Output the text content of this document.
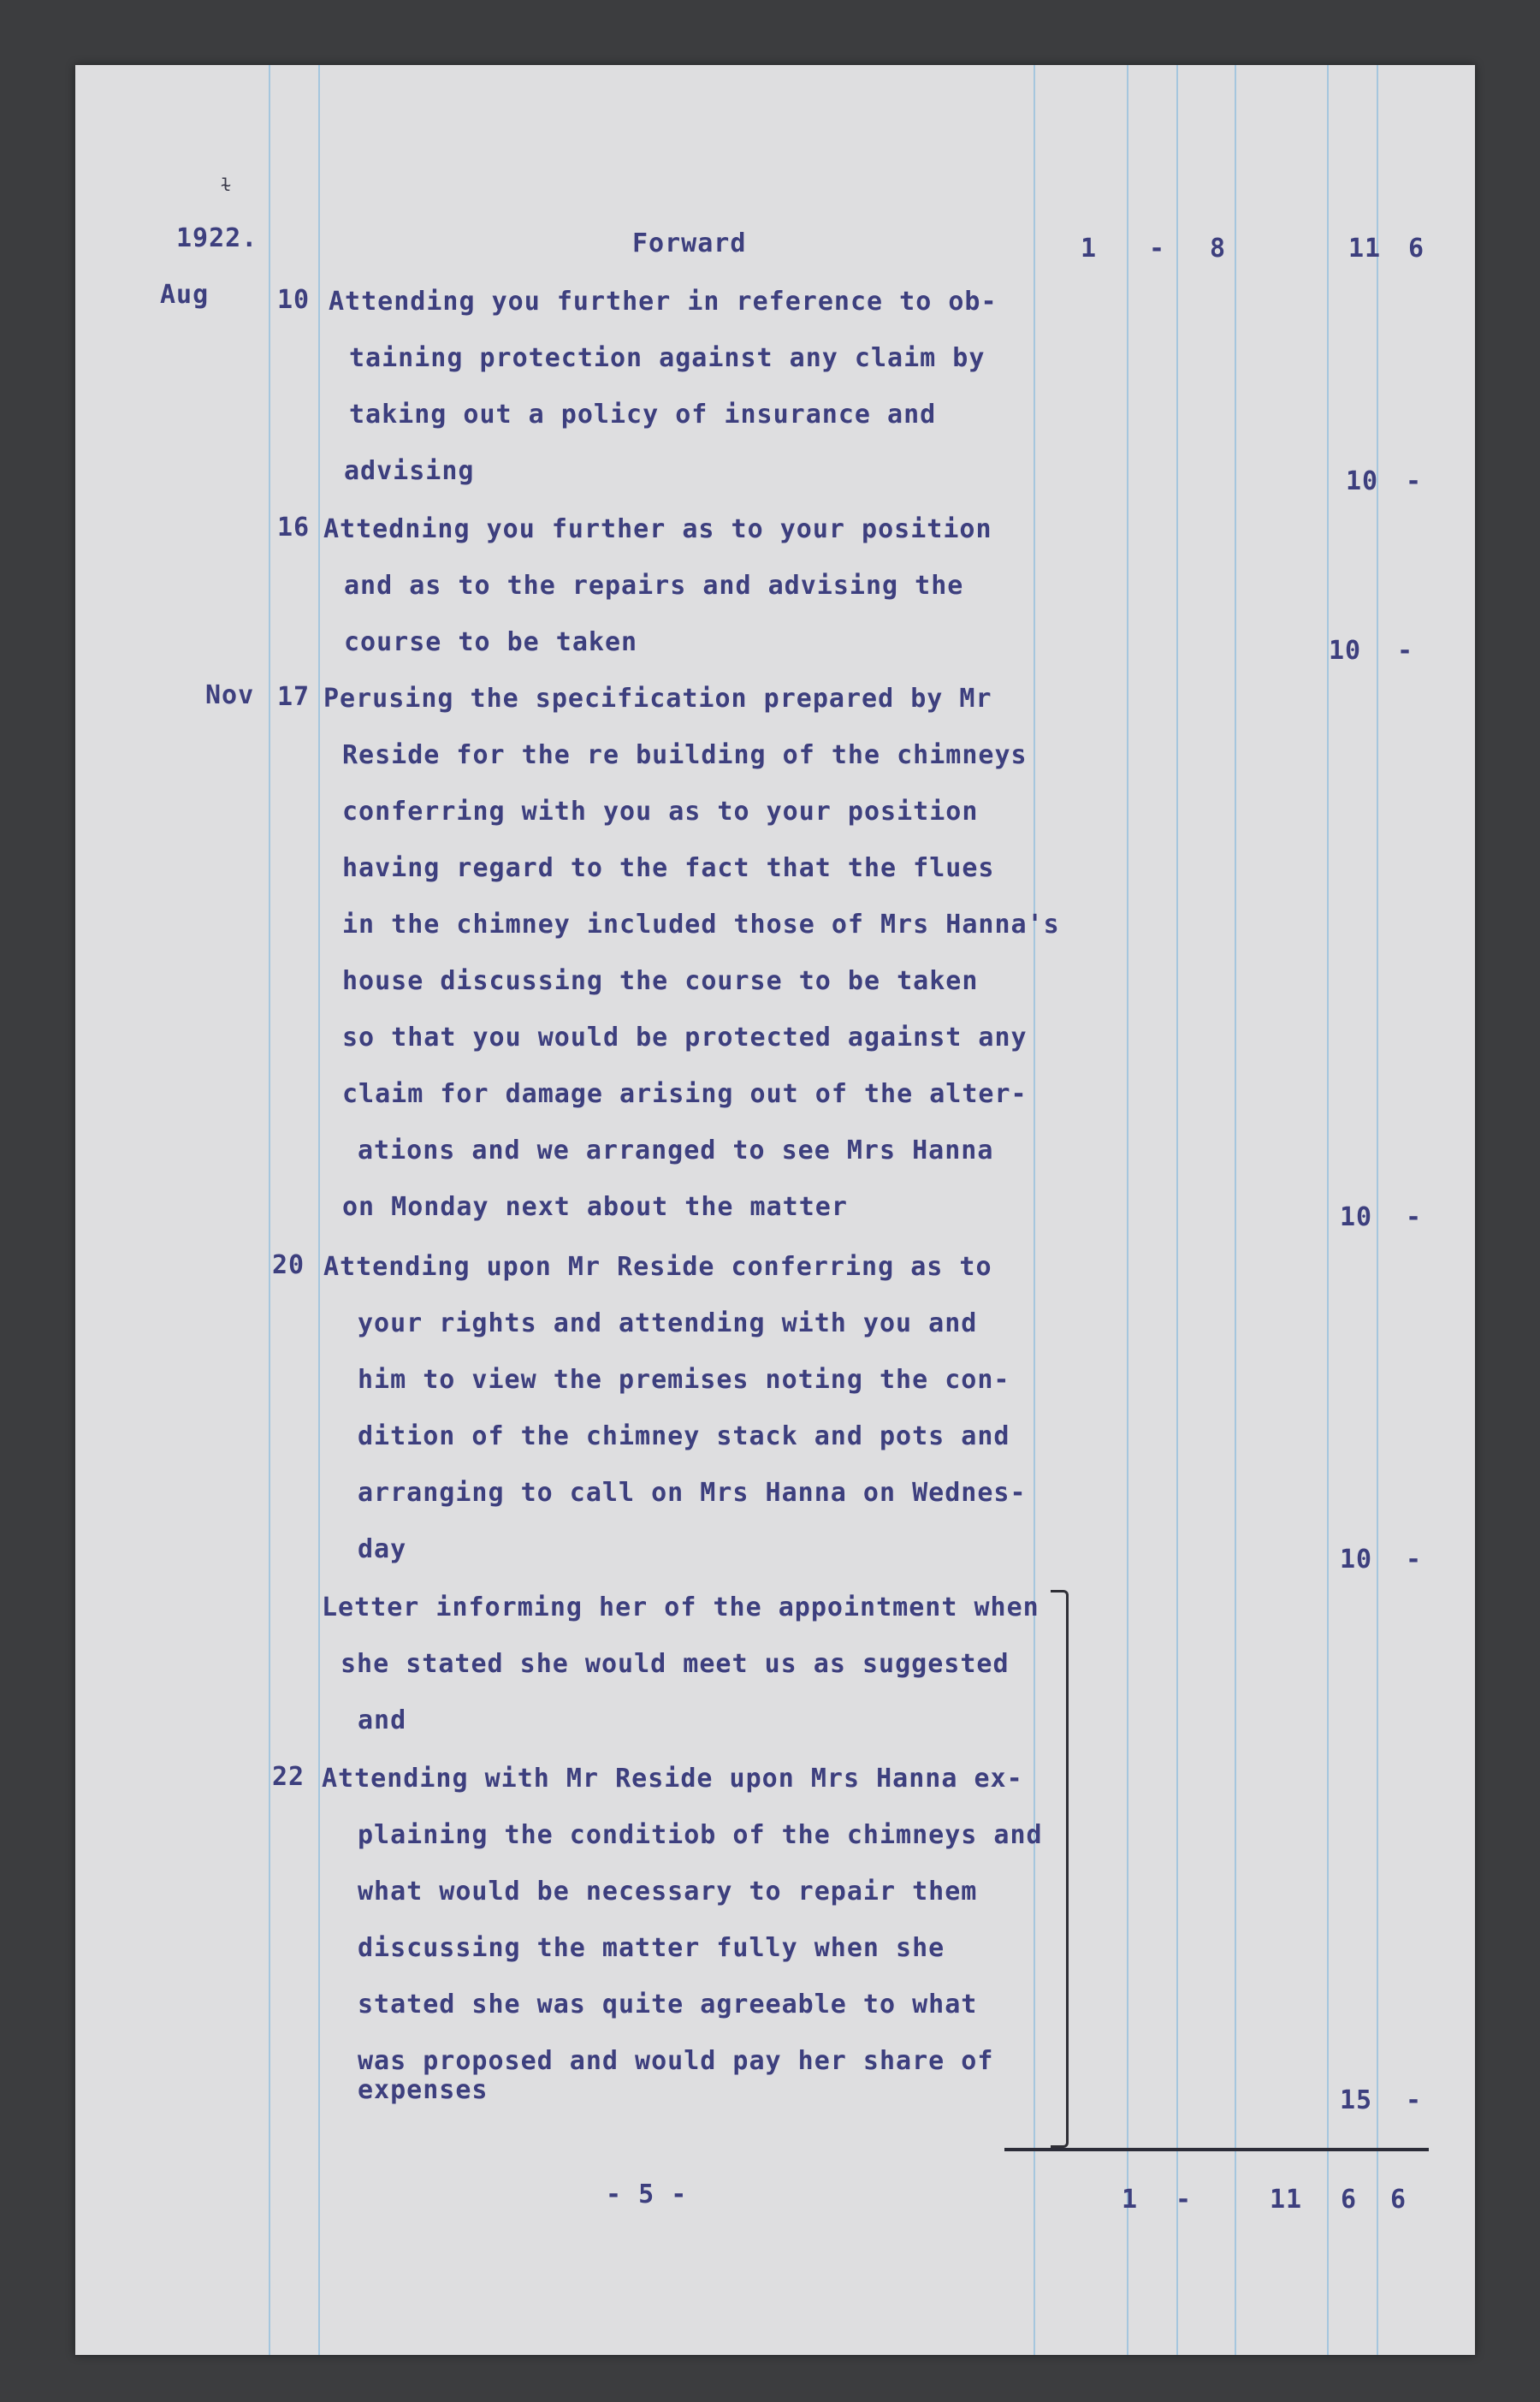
ɫ
1922.	Forward	1 - 8	11 6
Aug	10 Attending you further in reference to ob-
taining protection against any claim by
taking out a policy of insurance and
advising	10 -
16 Attedning you further as to your position
and as to the repairs and advising the
course to be taken	10 -
Nov 17 Perusing the specification prepared by Mr
Reside for the re building of the chimneys
conferring with you as to your position
having regard to the fact that the flues
in the chimney included those of Mrs Hanna's
house discussing the course to be taken
so that you would be protected against any
claim for damage arising out of the alter-
ations and we arranged to see Mrs Hanna
on Monday next about the matter	10 -
20 Attending upon Mr Reside conferring as to
your rights and attending with you and
him to view the premises noting the con-
dition of the chimney stack and pots and
arranging to call on Mrs Hanna on Wednes-
day	10 -
Letter informing her of the appointment when
she stated she would meet us as suggested
and
22 Attending with Mr Reside upon Mrs Hanna ex-
plaining the conditiob of the chimneys and
what would be necessary to repair them
discussing the matter fully when she
stated she was quite agreeable to what
was proposed and would pay her share of
expenses	15 -
- 5 -	1 -	11 6 6
